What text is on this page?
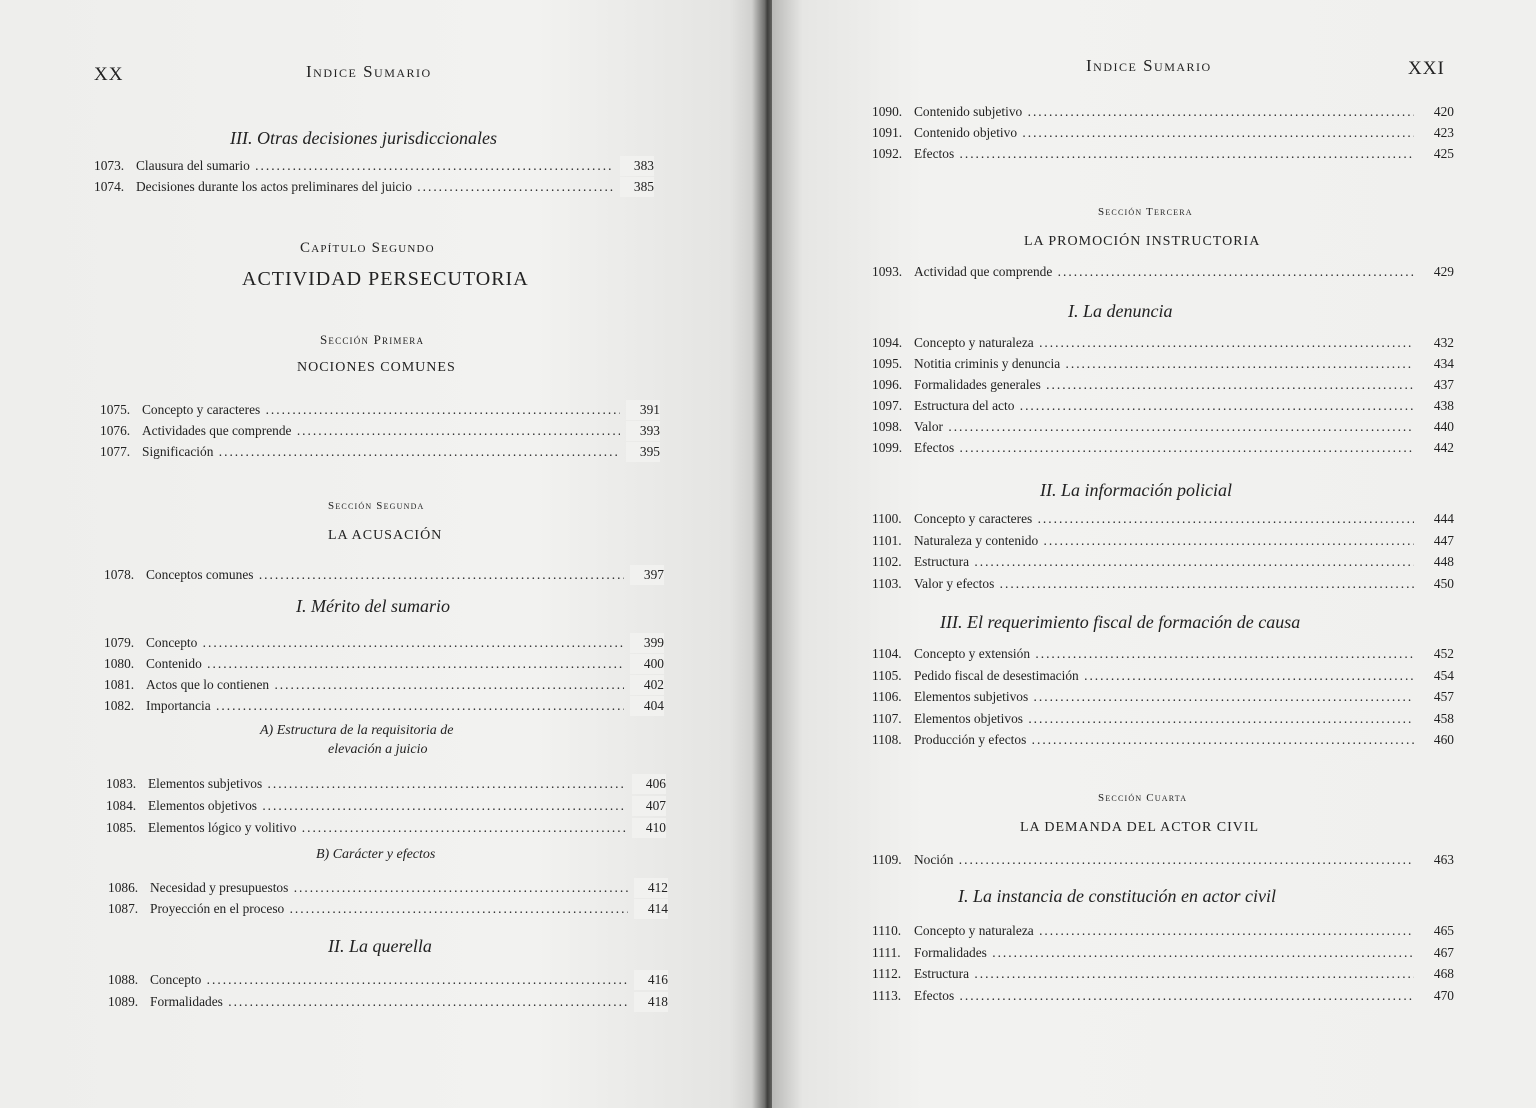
XX	Indice Sumario
III. Otras decisiones jurisdiccionales
1073. Clausura del sumario .....	383
1074. Decisiones durante los actos preliminares del juicio .....	385
Capítulo Segundo
ACTIVIDAD PERSECUTORIA
Sección Primera
NOCIONES COMUNES
1075. Concepto y caracteres .....	391
1076. Actividades que comprende .....	393
1077. Significación .....	395
Sección Segunda
LA ACUSACIÓN
1078. Conceptos comunes .....	397
I. Mérito del sumario
1079. Concepto .....	399
1080. Contenido .....	400
1081. Actos que lo contienen .....	402
1082. Importancia .....	404
A) Estructura de la requisitoria de
elevación a juicio
1083. Elementos subjetivos .....	406
1084. Elementos objetivos .....	407
1085. Elementos lógico y volitivo .....	410
B) Carácter y efectos
1086. Necesidad y presupuestos .....	412
1087. Proyección en el proceso .....	414
II. La querella
1088. Concepto .....	416
1089. Formalidades .....	418
Indice Sumario	XXI
1090. Contenido subjetivo .....	420
1091. Contenido objetivo .....	423
1092. Efectos .....	425
Sección Tercera
LA PROMOCIÓN INSTRUCTORIA
1093. Actividad que comprende .....	429
I. La denuncia
1094. Concepto y naturaleza .....	432
1095. Notitia criminis y denuncia .....	434
1096. Formalidades generales .....	437
1097. Estructura del acto .....	438
1098. Valor .....	440
1099. Efectos .....	442
II. La información policial
1100. Concepto y caracteres .....	444
1101. Naturaleza y contenido .....	447
1102. Estructura .....	448
1103. Valor y efectos .....	450
III. El requerimiento fiscal de formación de causa
1104. Concepto y extensión .....	452
1105. Pedido fiscal de desestimación .....	454
1106. Elementos subjetivos .....	457
1107. Elementos objetivos .....	458
1108. Producción y efectos .....	460
Sección Cuarta
LA DEMANDA DEL ACTOR CIVIL
1109. Noción .....	463
I. La instancia de constitución en actor civil
1110. Concepto y naturaleza .....	465
1111. Formalidades .....	467
1112. Estructura .....	468
1113. Efectos .....	470
